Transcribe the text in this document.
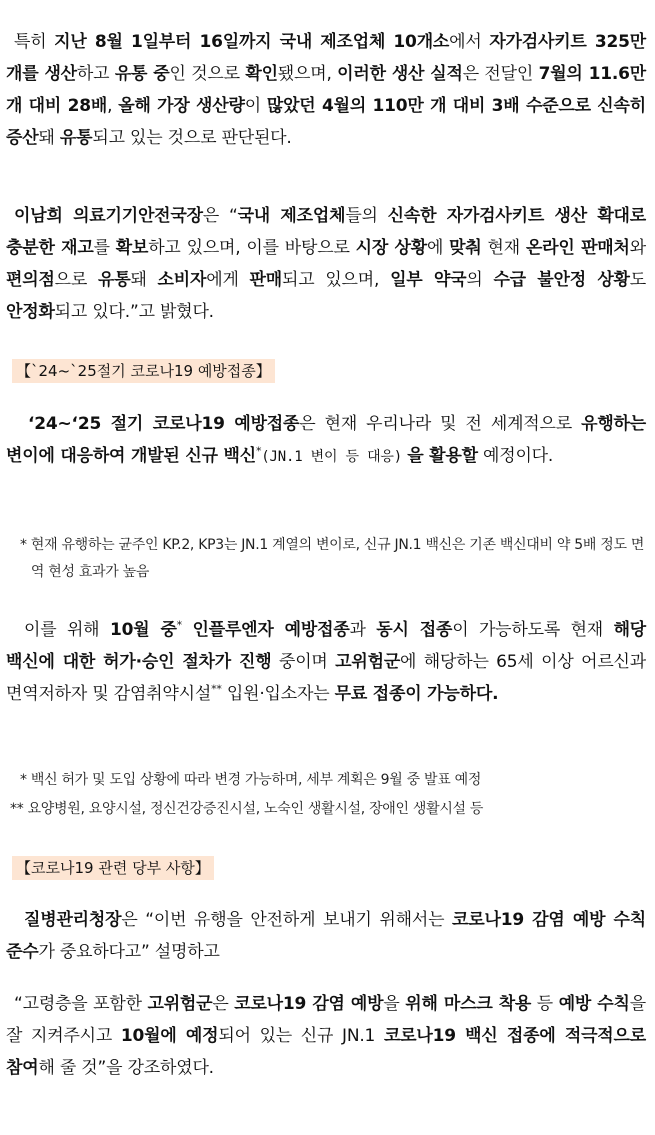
특히 지난 8월 1일부터 16일까지 국내 제조업체 10개소에서 자가검사키트 325만 개를 생산하고 유통 중인 것으로 확인됐으며, 이러한 생산 실적은 전달인 7월의 11.6만 개 대비 28배, 올해 가장 생산량이 많았던 4월의 110만 개 대비 3배 수준으로 신속히 증산돼 유통되고 있는 것으로 판단된다.

이남희 의료기기안전국장은 “국내 제조업체들의 신속한 자가검사키트 생산 확대로 충분한 재고를 확보하고 있으며, 이를 바탕으로 시장 상황에 맞춰 현재 온라인 판매처와 편의점으로 유통돼 소비자에게 판매되고 있으며, 일부 약국의 수급 불안정 상황도 안정화되고 있다.”고 밝혔다.

【`24~`25절기 코로나19 예방접종】

‘24~‘25 절기 코로나19 예방접종은 현재 우리나라 및 전 세계적으로 유행하는 변이에 대응하여 개발된 신규 백신*(JN.1 변이 등 대응) 을 활용할 예정이다.

* 현재 유행하는 균주인 KP.2, KP3는 JN.1 계열의 변이로, 신규 JN.1 백신은 기존 백신대비 약 5배 정도 면역 현성 효과가 높음

이를 위해 10월 중* 인플루엔자 예방접종과 동시 접종이 가능하도록 현재 해당 백신에 대한 허가·승인 절차가 진행 중이며 고위험군에 해당하는 65세 이상 어르신과 면역저하자 및 감염취약시설** 입원·입소자는 무료 접종이 가능하다.

* 백신 허가 및 도입 상황에 따라 변경 가능하며, 세부 계획은 9월 중 발표 예정
** 요양병원, 요양시설, 정신건강증진시설, 노숙인 생활시설, 장애인 생활시설 등
【코로나19 관련 당부 사항】

질병관리청장은 “이번 유행을 안전하게 보내기 위해서는 코로나19 감염 예방 수칙 준수가 중요하다고” 설명하고

“고령층을 포함한 고위험군은 코로나19 감염 예방을 위해 마스크 착용 등 예방 수칙을 잘 지켜주시고 10월에 예정되어 있는 신규 JN.1 코로나19 백신 접종에 적극적으로 참여해 줄 것”을 강조하였다.
